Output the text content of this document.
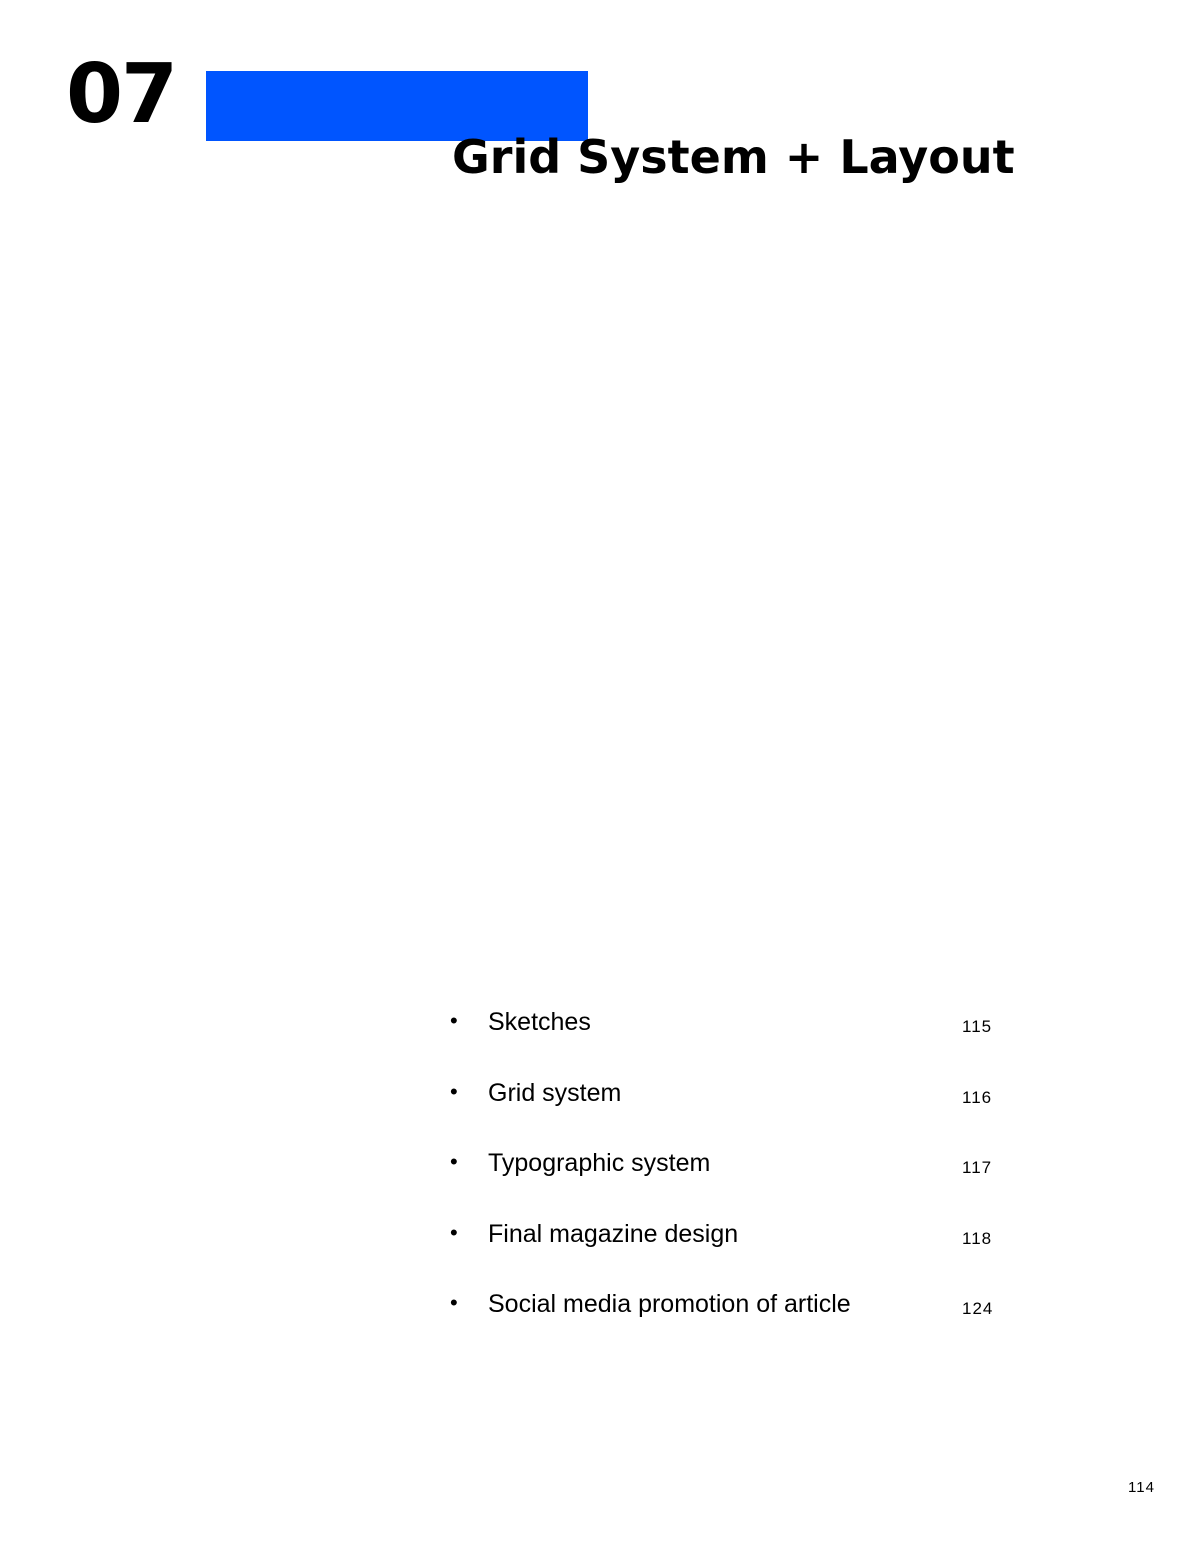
07
Grid System + Layout
• Sketches	115
• Grid system	116
• Typographic system	117
• Final magazine design	118
• Social media promotion of article	124
114
